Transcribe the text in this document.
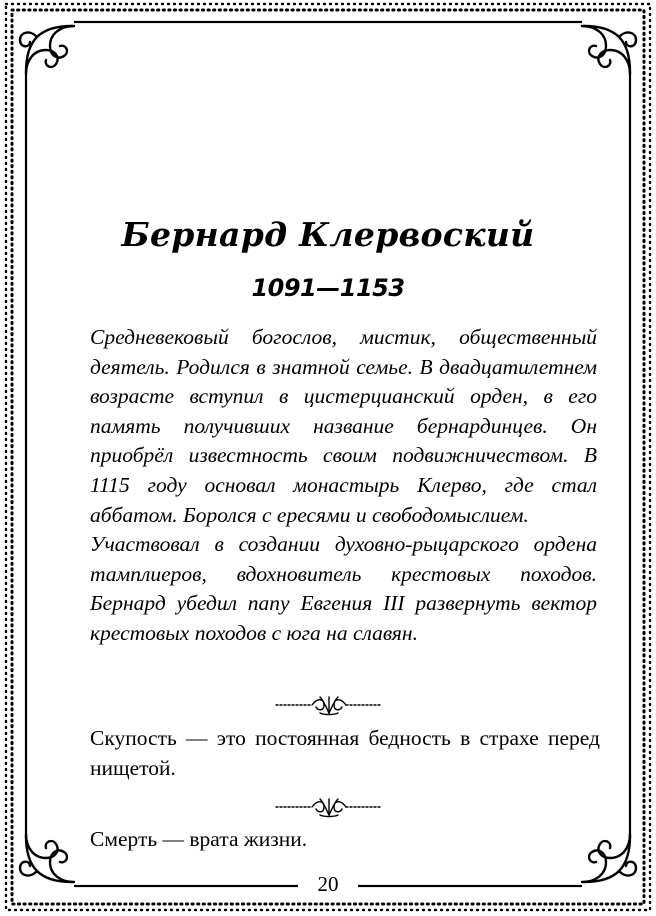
Бернард Клервоский
1091—1153

Средневековый богослов, мистик, общественный деятель. Родился в знатной семье. В двадцатилетнем возрасте вступил в цистерцианский орден, в его память получивших название бернардинцев. Он приобрёл известность своим подвижничеством. В 1115 году основал монастырь Клерво, где стал аббатом. Боролся с ересями и свободомыслием.

Участвовал в создании духовно-рыцарского ордена тамплиеров, вдохновитель крестовых походов. Бернард убедил папу Евгения III развернуть вектор крестовых походов с юга на славян.

Скупость — это постоянная бедность в страхе перед нищетой.
Смерть — врата жизни.
20
